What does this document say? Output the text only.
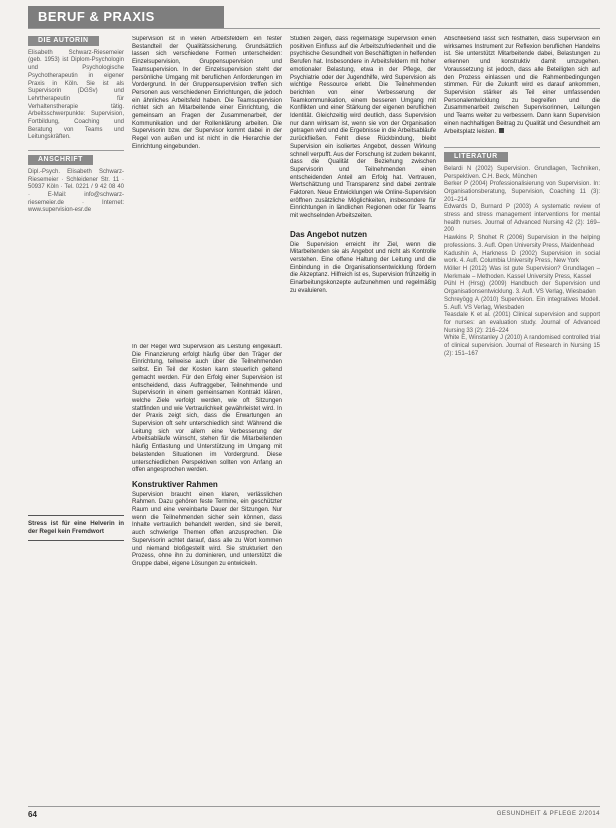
BERUF & PRAXIS
DIE AUTORIN

Elisabeth Schwarz-Riesemeier (geb. 1953) ist Diplom-Psychologin und Psychologische Psychotherapeutin in eigener Praxis in Köln. Sie ist als Supervisorin (DGSv) und Lehrtherapeutin für Verhaltenstherapie tätig. Arbeitsschwerpunkte: Supervision, Fortbildung, Coaching und Beratung von Teams und Leitungskräften.

ANSCHRIFT

Dipl.-Psych. Elisabeth Schwarz-Riesemeier · Schleidener Str. 11 · 50937 Köln · Tel. 0221 / 9 42 08 40 · E-Mail: info@schwarz-riesemeier.de · Internet: www.supervision-esr.de

Stress ist für eine Helverin in der Regel kein Fremdwort

Supervision ist in vielen Arbeitsfeldern ein fester Bestandteil der Qualitätssicherung. Grundsätzlich lassen sich verschiedene Formen unterscheiden: Einzelsupervision, Gruppensupervision und Teamsupervision. In der Einzelsupervision steht der persönliche Umgang mit beruflichen Anforderungen im Vordergrund. In der Gruppensupervision treffen sich Personen aus verschiedenen Einrichtungen, die jedoch ein ähnliches Arbeitsfeld haben. Die Teamsupervision richtet sich an Mitarbeitende einer Einrichtung, die gemeinsam an Fragen der Zusammenarbeit, der Kommunikation und der Rollenklärung arbeiten. Die Supervisorin bzw. der Supervisor kommt dabei in der Regel von außen und ist nicht in die Hierarchie der Einrichtung eingebunden.

In der Regel wird Supervision als Leistung eingekauft. Die Finanzierung erfolgt häufig über den Träger der Einrichtung, teilweise auch über die Teilnehmenden selbst. Ein Teil der Kosten kann steuerlich geltend gemacht werden. Für den Erfolg einer Supervision ist entscheidend, dass Auftraggeber, Teilnehmende und Supervisorin in einem gemeinsamen Kontrakt klären, welche Ziele verfolgt werden, wie oft Sitzungen stattfinden und wie Vertraulichkeit gewährleistet wird. In der Praxis zeigt sich, dass die Erwartungen an Supervision oft sehr unterschiedlich sind: Während die Leitung sich vor allem eine Verbesserung der Arbeitsabläufe wünscht, stehen für die Mitarbeitenden häufig Entlastung und Unterstützung im Umgang mit belastenden Situationen im Vordergrund. Diese unterschiedlichen Perspektiven sollten von Anfang an offen angesprochen werden.

Konstruktiver Rahmen

Supervision braucht einen klaren, verlässlichen Rahmen. Dazu gehören feste Termine, ein geschützter Raum und eine vereinbarte Dauer der Sitzungen. Nur wenn die Teilnehmenden sicher sein können, dass Inhalte vertraulich behandelt werden, sind sie bereit, auch schwierige Themen offen anzusprechen. Die Supervisorin achtet darauf, dass alle zu Wort kommen und niemand bloßgestellt wird. Sie strukturiert den Prozess, ohne ihn zu dominieren, und unterstützt die Gruppe dabei, eigene Lösungen zu entwickeln.

Studien zeigen, dass regelmäßige Supervision einen positiven Einfluss auf die Arbeitszufriedenheit und die psychische Gesundheit von Beschäftigten in helfenden Berufen hat. Insbesondere in Arbeitsfeldern mit hoher emotionaler Belastung, etwa in der Pflege, der Psychiatrie oder der Jugendhilfe, wird Supervision als wichtige Ressource erlebt. Die Teilnehmenden berichten von einer Verbesserung der Teamkommunikation, einem besseren Umgang mit Konflikten und einer Stärkung der eigenen beruflichen Identität. Gleichzeitig wird deutlich, dass Supervision nur dann wirksam ist, wenn sie von der Organisation getragen wird und die Ergebnisse in die Arbeitsabläufe zurückfließen. Fehlt diese Rückbindung, bleibt Supervision ein isoliertes Angebot, dessen Wirkung schnell verpufft. Aus der Forschung ist zudem bekannt, dass die Qualität der Beziehung zwischen Supervisorin und Teilnehmenden einen entscheidenden Anteil am Erfolg hat. Vertrauen, Wertschätzung und Transparenz sind dabei zentrale Faktoren. Neue Entwicklungen wie Online-Supervision eröffnen zusätzliche Möglichkeiten, insbesondere für Einrichtungen in ländlichen Regionen oder für Teams mit wechselnden Arbeitszeiten.

Das Angebot nutzen

Die Supervision erreicht ihr Ziel, wenn die Mitarbeitenden sie als Angebot und nicht als Kontrolle verstehen. Eine offene Haltung der Leitung und die Einbindung in die Organisationsentwicklung fördern die Akzeptanz. Hilfreich ist es, Supervision frühzeitig in Einarbeitungskonzepte aufzunehmen und regelmäßig zu evaluieren.

Abschließend lässt sich festhalten, dass Supervision ein wirksames Instrument zur Reflexion beruflichen Handelns ist. Sie unterstützt Mitarbeitende dabei, Belastungen zu erkennen und konstruktiv damit umzugehen. Voraussetzung ist jedoch, dass alle Beteiligten sich auf den Prozess einlassen und die Rahmenbedingungen stimmen. Für die Zukunft wird es darauf ankommen, Supervision stärker als Teil einer umfassenden Personalentwicklung zu begreifen und die Zusammenarbeit zwischen Supervisorinnen, Leitungen und Teams weiter zu verbessern. Dann kann Supervision einen nachhaltigen Beitrag zu Qualität und Gesundheit am Arbeitsplatz leisten.

LITERATUR

Belardi N (2002) Supervision. Grundlagen, Techniken, Perspektiven. C.H. Beck, München

Berker P (2004) Professionalisierung von Supervision. In: Organisationsberatung, Supervision, Coaching 11 (3): 201–214

Edwards D, Burnard P (2003) A systematic review of stress and stress management interventions for mental health nurses. Journal of Advanced Nursing 42 (2): 169–200

Hawkins P, Shohet R (2006) Supervision in the helping professions. 3. Aufl. Open University Press, Maidenhead

Kadushin A, Harkness D (2002) Supervision in social work. 4. Aufl. Columbia University Press, New York

Möller H (2012) Was ist gute Supervision? Grundlagen – Merkmale – Methoden. Kassel University Press, Kassel

Pühl H (Hrsg) (2009) Handbuch der Supervision und Organisationsentwicklung. 3. Aufl. VS Verlag, Wiesbaden

Schreyögg A (2010) Supervision. Ein integratives Modell. 5. Aufl. VS Verlag, Wiesbaden

Teasdale K et al. (2001) Clinical supervision and support for nurses: an evaluation study. Journal of Advanced Nursing 33 (2): 216–224

White E, Winstanley J (2010) A randomised controlled trial of clinical supervision. Journal of Research in Nursing 15 (2): 151–167

64	GESUNDHEIT & PFLEGE 2/2014
